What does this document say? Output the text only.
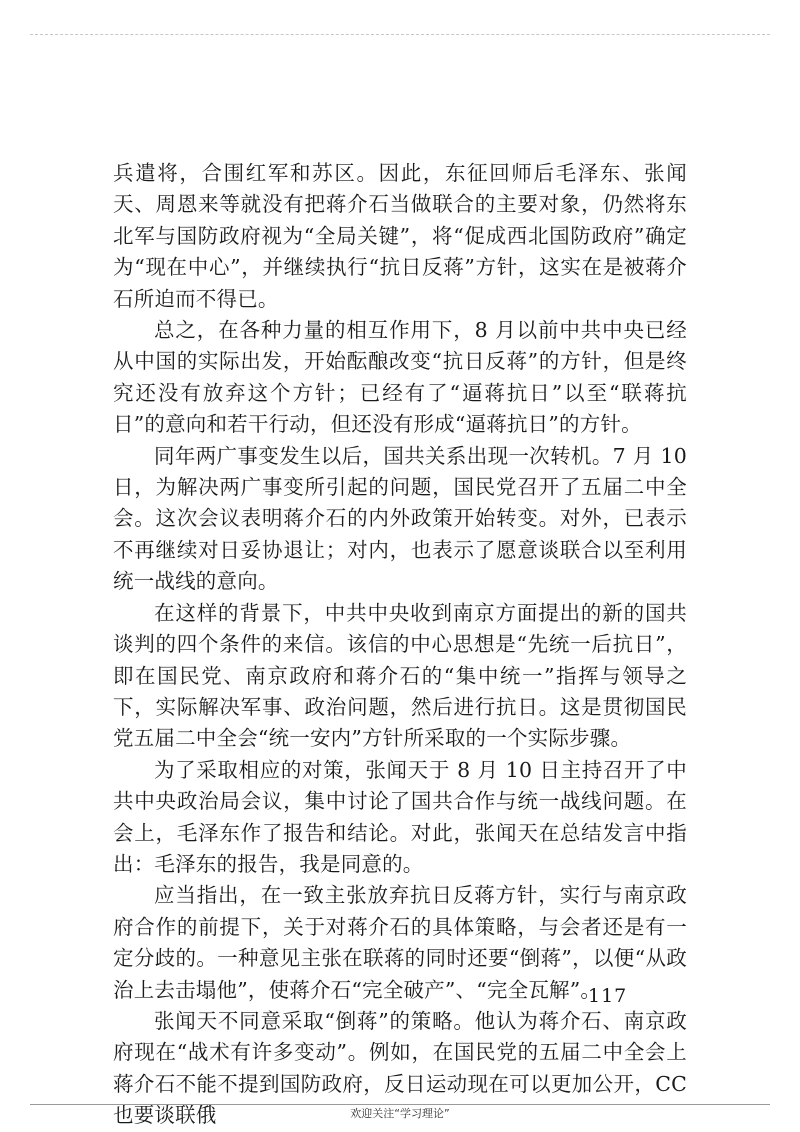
兵遣将，合围红军和苏区。因此，东征回师后毛泽东、张闻天、周恩来等就没有把蒋介石当做联合的主要对象，仍然将东北军与国防政府视为“全局关键”，将“促成西北国防政府”确定为“现在中心”，并继续执行“抗日反蒋”方针，这实在是被蒋介石所迫而不得已。

总之，在各种力量的相互作用下，8 月以前中共中央已经从中国的实际出发，开始酝酿改变“抗日反蒋”的方针，但是终究还没有放弃这个方针；已经有了“逼蒋抗日”以至“联蒋抗日”的意向和若干行动，但还没有形成“逼蒋抗日”的方针。

同年两广事变发生以后，国共关系出现一次转机。7 月 10 日，为解决两广事变所引起的问题，国民党召开了五届二中全会。这次会议表明蒋介石的内外政策开始转变。对外，已表示不再继续对日妥协退让；对内，也表示了愿意谈联合以至利用统一战线的意向。

在这样的背景下，中共中央收到南京方面提出的新的国共谈判的四个条件的来信。该信的中心思想是“先统一后抗日”，即在国民党、南京政府和蒋介石的“集中统一”指挥与领导之下，实际解决军事、政治问题，然后进行抗日。这是贯彻国民党五届二中全会“统一安内”方针所采取的一个实际步骤。

为了采取相应的对策，张闻天于 8 月 10 日主持召开了中共中央政治局会议，集中讨论了国共合作与统一战线问题。在会上，毛泽东作了报告和结论。对此，张闻天在总结发言中指出：毛泽东的报告，我是同意的。

应当指出，在一致主张放弃抗日反蒋方针，实行与南京政府合作的前提下，关于对蒋介石的具体策略，与会者还是有一定分歧的。一种意见主张在联蒋的同时还要“倒蒋”，以便“从政治上去击塌他”，使蒋介石“完全破产”、“完全瓦解”。

张闻天不同意采取“倒蒋”的策略。他认为蒋介石、南京政府现在“战术有许多变动”。例如，在国民党的五届二中全会上蒋介石不能不提到国防政府，反日运动现在可以更加公开，CC 也要谈联俄

117
欢迎关注“学习理论”
